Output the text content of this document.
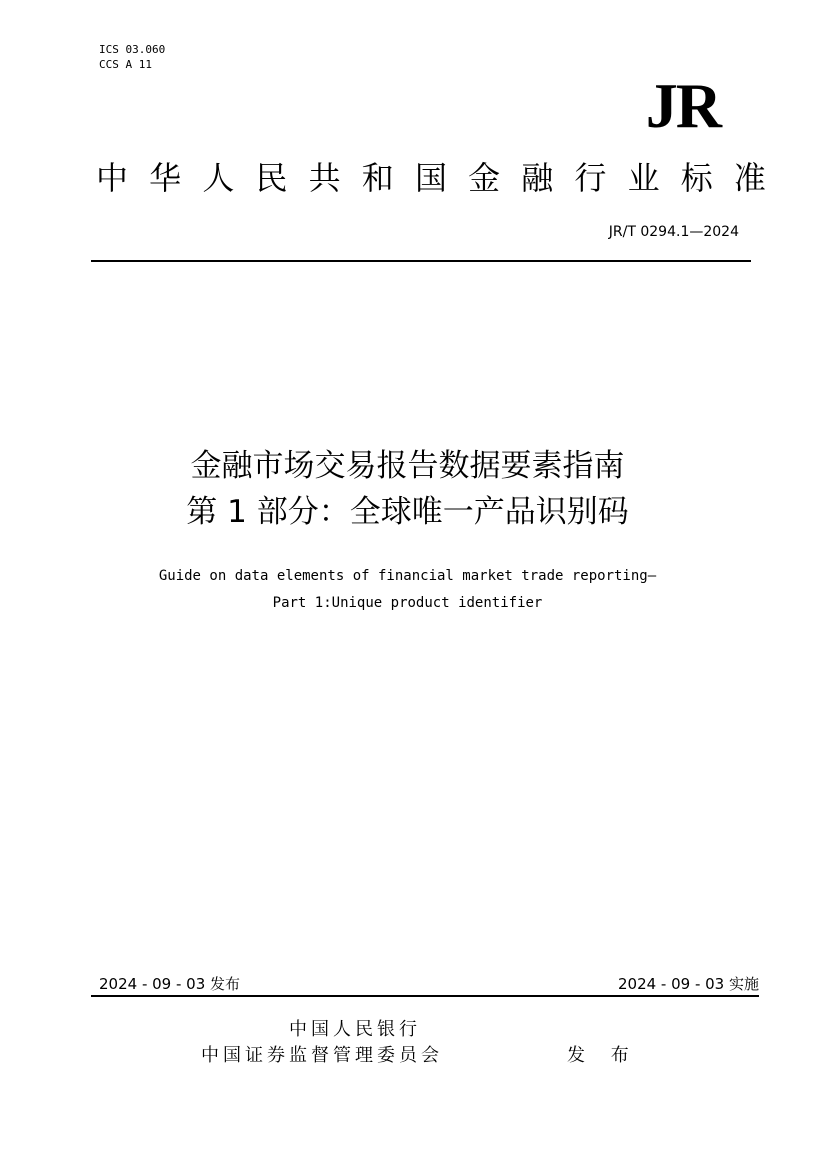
ICS 03.060
CCS A 11
JR
中 华 人 民 共 和 国 金 融 行 业 标 准
JR/T 0294.1—2024
金融市场交易报告数据要素指南
第 1 部分：全球唯一产品识别码
Guide on data elements of financial market trade reporting—
Part 1:Unique product identifier
2024 - 09 - 03 发布	2024 - 09 - 03 实施
中国人民银行
中国证券监督管理委员会	发 布
